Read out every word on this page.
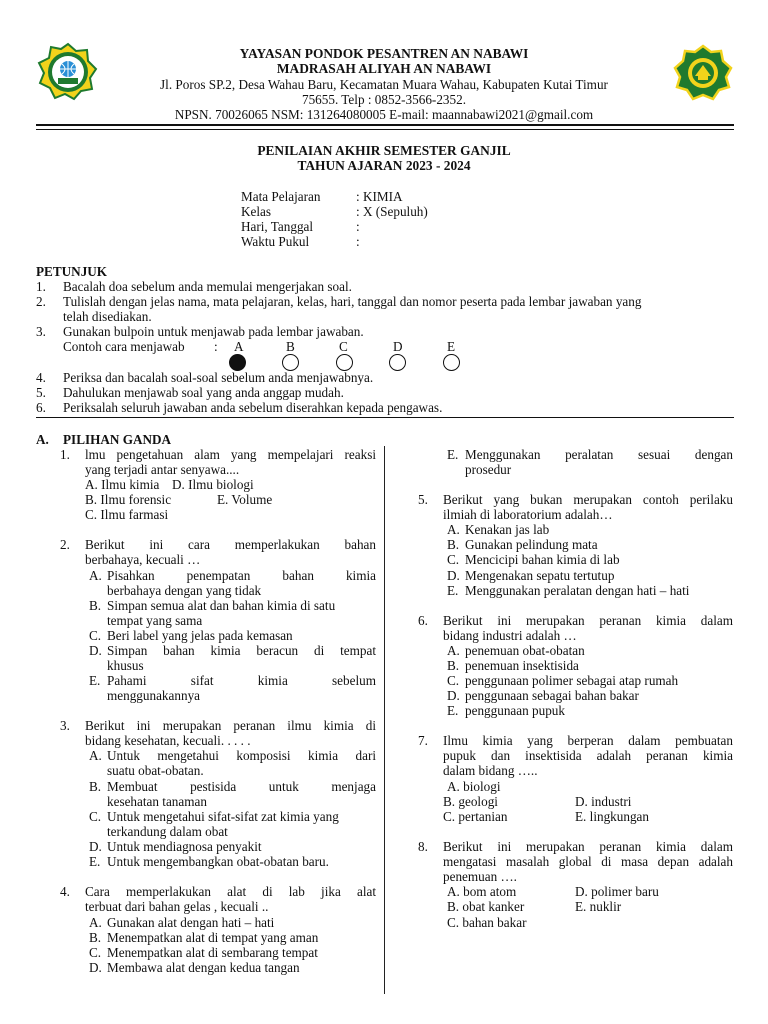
YAYASAN PONDOK PESANTREN AN NABAWI
MADRASAH ALIYAH AN NABAWI
Jl. Poros SP.2, Desa Wahau Baru, Kecamatan Muara Wahau, Kabupaten Kutai Timur
75655. Telp : 0852-3566-2352.
NPSN. 70026065 NSM: 131264080005 E-mail: maannabawi2021@gmail.com
PENILAIAN AKHIR SEMESTER GANJIL
TAHUN AJARAN 2023 - 2024
Mata Pelajaran	: KIMIA
Kelas	: X (Sepuluh)
Hari, Tanggal	:
Waktu Pukul	:
PETUNJUK
1.	Bacalah doa sebelum anda memulai mengerjakan soal.
2.	Tulislah dengan jelas nama, mata pelajaran, kelas, hari, tanggal dan nomor peserta pada lembar jawaban yang
telah disediakan.
3.	Gunakan bulpoin untuk menjawab pada lembar jawaban.
Contoh cara menjawab : A	B	C	D	E
4.	Periksa dan bacalah soal-soal sebelum anda menjawabnya.
5.	Dahulukan menjawab soal yang anda anggap mudah.
6.	Periksalah seluruh jawaban anda sebelum diserahkan kepada pengawas.
A. PILIHAN GANDA
1.	lmu pengetahuan alam yang mempelajari reaksi
yang terjadi antar senyawa....
A. Ilmu kimia D. Ilmu biologi
B. Ilmu forensic	E. Volume
C. Ilmu farmasi
2.	Berikut ini cara memperlakukan bahan
berbahaya, kecuali …
A. Pisahkan penempatan bahan kimia
berbahaya dengan yang tidak
B. Simpan semua alat dan bahan kimia di satu
tempat yang sama
C. Beri label yang jelas pada kemasan
D. Simpan bahan kimia beracun di tempat
khusus
E. Pahami sifat kimia sebelum
menggunakannya
3.	Berikut ini merupakan peranan ilmu kimia di
bidang kesehatan, kecuali. . . . .
A. Untuk mengetahui komposisi kimia dari
suatu obat-obatan.
B. Membuat pestisida untuk menjaga
kesehatan tanaman
C. Untuk mengetahui sifat-sifat zat kimia yang
terkandung dalam obat
D. Untuk mendiagnosa penyakit
E. Untuk mengembangkan obat-obatan baru.
4.	Cara memperlakukan alat di lab jika alat
terbuat dari bahan gelas , kecuali ..
A. Gunakan alat dengan hati – hati
B. Menempatkan alat di tempat yang aman
C. Menempatkan alat di sembarang tempat
D. Membawa alat dengan kedua tangan
E. Menggunakan peralatan sesuai dengan
prosedur
5.	Berikut yang bukan merupakan contoh perilaku
ilmiah di laboratorium adalah…
A. Kenakan jas lab
B. Gunakan pelindung mata
C. Mencicipi bahan kimia di lab
D. Mengenakan sepatu tertutup
E. Menggunakan peralatan dengan hati – hati
6.	Berikut ini merupakan peranan kimia dalam
bidang industri adalah …
A. penemuan obat-obatan
B. penemuan insektisida
C. penggunaan polimer sebagai atap rumah
D. penggunaan sebagai bahan bakar
E. penggunaan pupuk
7.	Ilmu kimia yang berperan dalam pembuatan
pupuk dan insektisida adalah peranan kimia
dalam bidang …..
A. biologi
B. geologi	D. industri
C. pertanian	E. lingkungan
8.	Berikut ini merupakan peranan kimia dalam
mengatasi masalah global di masa depan adalah
penemuan ….
A. bom atom	D. polimer baru
B. obat kanker	E. nuklir
C. bahan bakar
